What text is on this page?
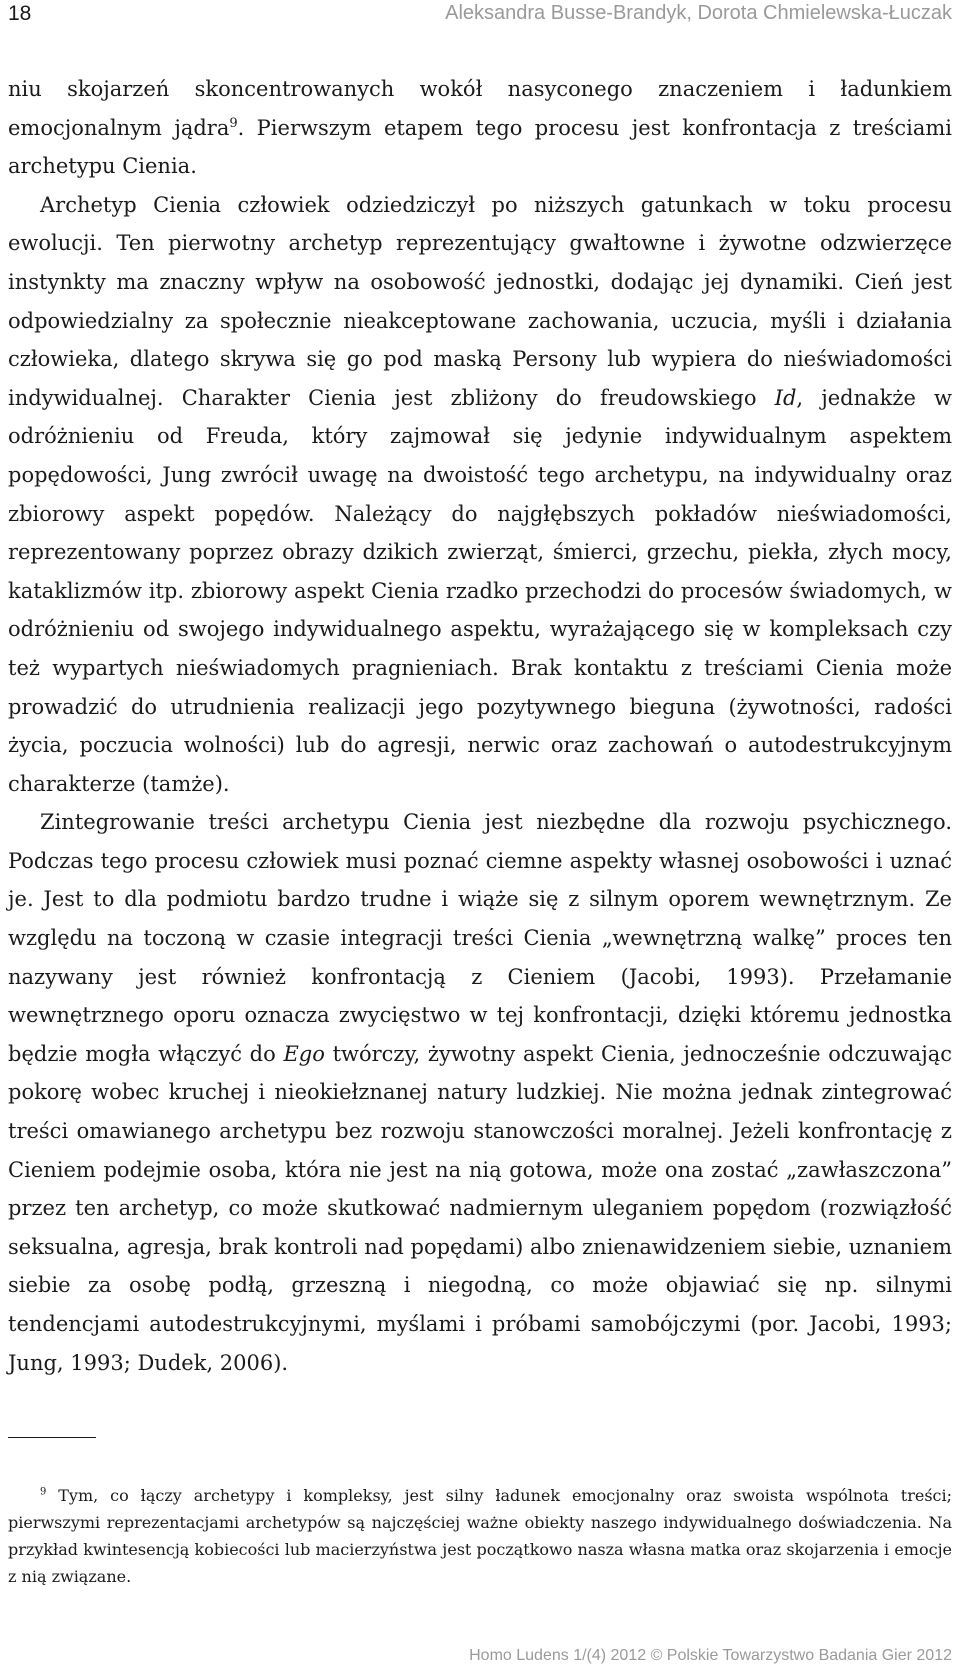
18	Aleksandra Busse-Brandyk, Dorota Chmielewska-Łuczak

niu skojarzeń skoncentrowanych wokół nasyconego znaczeniem i ładunkiem emocjonalnym jądra$^9$. Pierwszym etapem tego procesu jest konfrontacja z treściami archetypu Cienia.

Archetyp Cienia człowiek odziedziczył po niższych gatunkach w toku procesu ewolucji. Ten pierwotny archetyp reprezentujący gwałtowne i żywotne odzwierzęce instynkty ma znaczny wpływ na osobowość jednostki, dodając jej dynamiki. Cień jest odpowiedzialny za społecznie nieakceptowane zachowania, uczucia, myśli i działania człowieka, dlatego skrywa się go pod maską Persony lub wypiera do nieświadomości indywidualnej. Charakter Cienia jest zbliżony do freudowskiego Id, jednakże w odróżnieniu od Freuda, który zajmował się jedynie indywidualnym aspektem popędowości, Jung zwrócił uwagę na dwoistość tego archetypu, na indywidualny oraz zbiorowy aspekt popędów. Należący do najgłębszych pokładów nieświadomości, reprezentowany poprzez obrazy dzikich zwierząt, śmierci, grzechu, piekła, złych mocy, kataklizmów itp. zbiorowy aspekt Cienia rzadko przechodzi do procesów świadomych, w odróżnieniu od swojego indywidualnego aspektu, wyrażającego się w kompleksach czy też wypartych nieświadomych pragnieniach. Brak kontaktu z treściami Cienia może prowadzić do utrudnienia realizacji jego pozytywnego bieguna (żywotności, radości życia, poczucia wolności) lub do agresji, nerwic oraz zachowań o autodestrukcyjnym charakterze (tamże).

Zintegrowanie treści archetypu Cienia jest niezbędne dla rozwoju psychicznego. Podczas tego procesu człowiek musi poznać ciemne aspekty własnej osobowości i uznać je. Jest to dla podmiotu bardzo trudne i wiąże się z silnym oporem wewnętrznym. Ze względu na toczoną w czasie integracji treści Cienia „wewnętrzną walkę” proces ten nazywany jest również konfrontacją z Cieniem (Jacobi, 1993). Przełamanie wewnętrznego oporu oznacza zwycięstwo w tej konfrontacji, dzięki któremu jednostka będzie mogła włączyć do Ego twórczy, żywotny aspekt Cienia, jednocześnie odczuwając pokorę wobec kruchej i nieokiełznanej natury ludzkiej. Nie można jednak zintegrować treści omawianego archetypu bez rozwoju stanowczości moralnej. Jeżeli konfrontację z Cieniem podejmie osoba, która nie jest na nią gotowa, może ona zostać „zawłaszczona” przez ten archetyp, co może skutkować nadmiernym uleganiem popędom (rozwiązłość seksualna, agresja, brak kontroli nad popędami) albo znienawidzeniem siebie, uznaniem siebie za osobę podłą, grzeszną i niegodną, co może objawiać się np. silnymi tendencjami autodestrukcyjnymi, myślami i próbami samobójczymi (por. Jacobi, 1993; Jung, 1993; Dudek, 2006).

$^9$ Tym, co łączy archetypy i kompleksy, jest silny ładunek emocjonalny oraz swoista wspólnota treści; pierwszymi reprezentacjami archetypów są najczęściej ważne obiekty naszego indywidualnego doświadczenia. Na przykład kwintesencją kobiecości lub macierzyństwa jest początkowo nasza własna matka oraz skojarzenia i emocje z nią związane.

Homo Ludens 1/(4) 2012 © Polskie Towarzystwo Badania Gier 2012
